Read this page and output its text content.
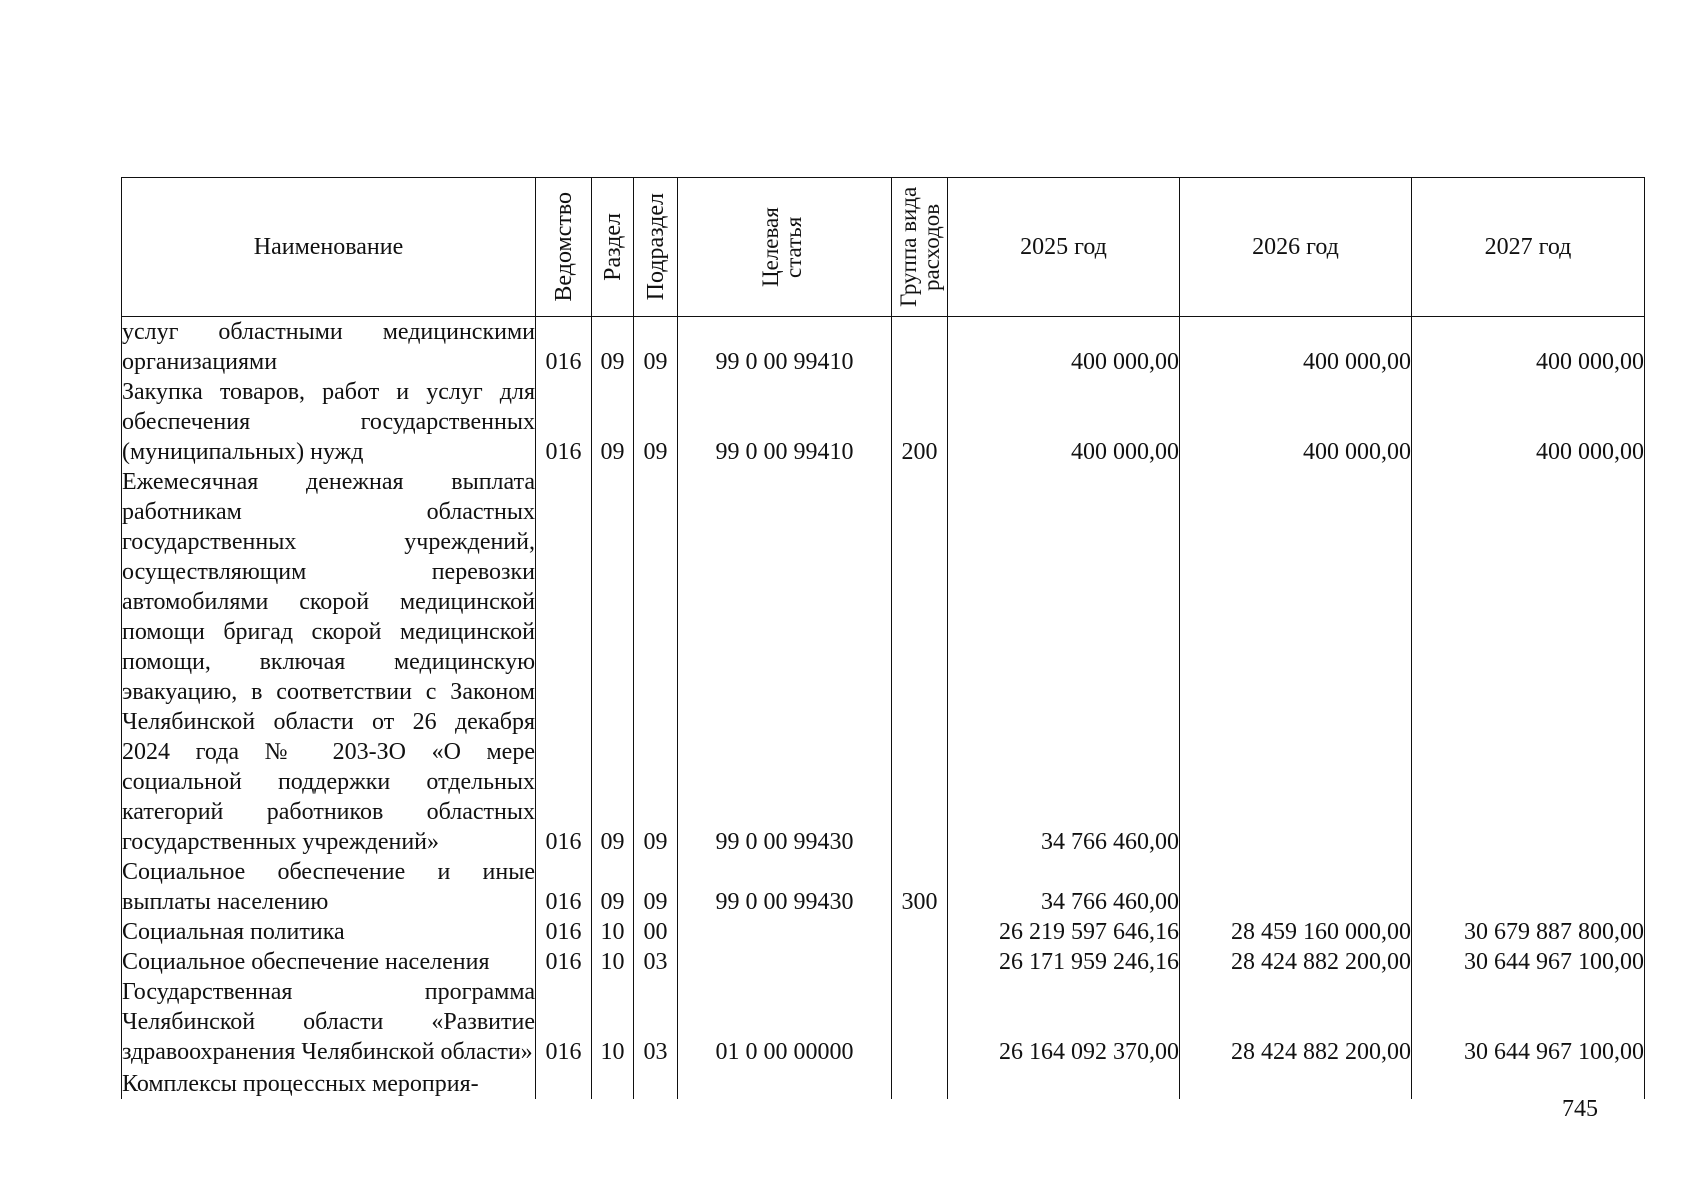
Наименование	Ведомство	Раздел	Подраздел	Целевая статья	Группа вида расходов	2025 год	2026 год	2027 год

услуг областными медицинскими организациями	016	09	09	99 0 00 99410		400 000,00	400 000,00	400 000,00
Закупка товаров, работ и услуг для обеспечения государственных (муниципальных) нужд	016	09	09	99 0 00 99410	200	400 000,00	400 000,00	400 000,00
Ежемесячная денежная выплата работникам областных государственных учреждений, осуществляющим перевозки автомобилями скорой медицинской помощи бригад скорой медицинской помощи, включая медицинскую эвакуацию, в соответствии с Законом Челябинской области от 26 декабря 2024 года № 203-ЗО «О мере социальной поддержки отдельных категорий работников областных государственных учреждений»	016	09	09	99 0 00 99430		34 766 460,00		
Социальное обеспечение и иные выплаты населению	016	09	09	99 0 00 99430	300	34 766 460,00		
Социальная политика	016	10	00			26 219 597 646,16	28 459 160 000,00	30 679 887 800,00
Социальное обеспечение населения	016	10	03			26 171 959 246,16	28 424 882 200,00	30 644 967 100,00
Государственная программа Челябинской области «Развитие здравоохранения Челябинской области»	016	10	03	01 0 00 00000		26 164 092 370,00	28 424 882 200,00	30 644 967 100,00
Комплексы процессных мероприя-								
745
